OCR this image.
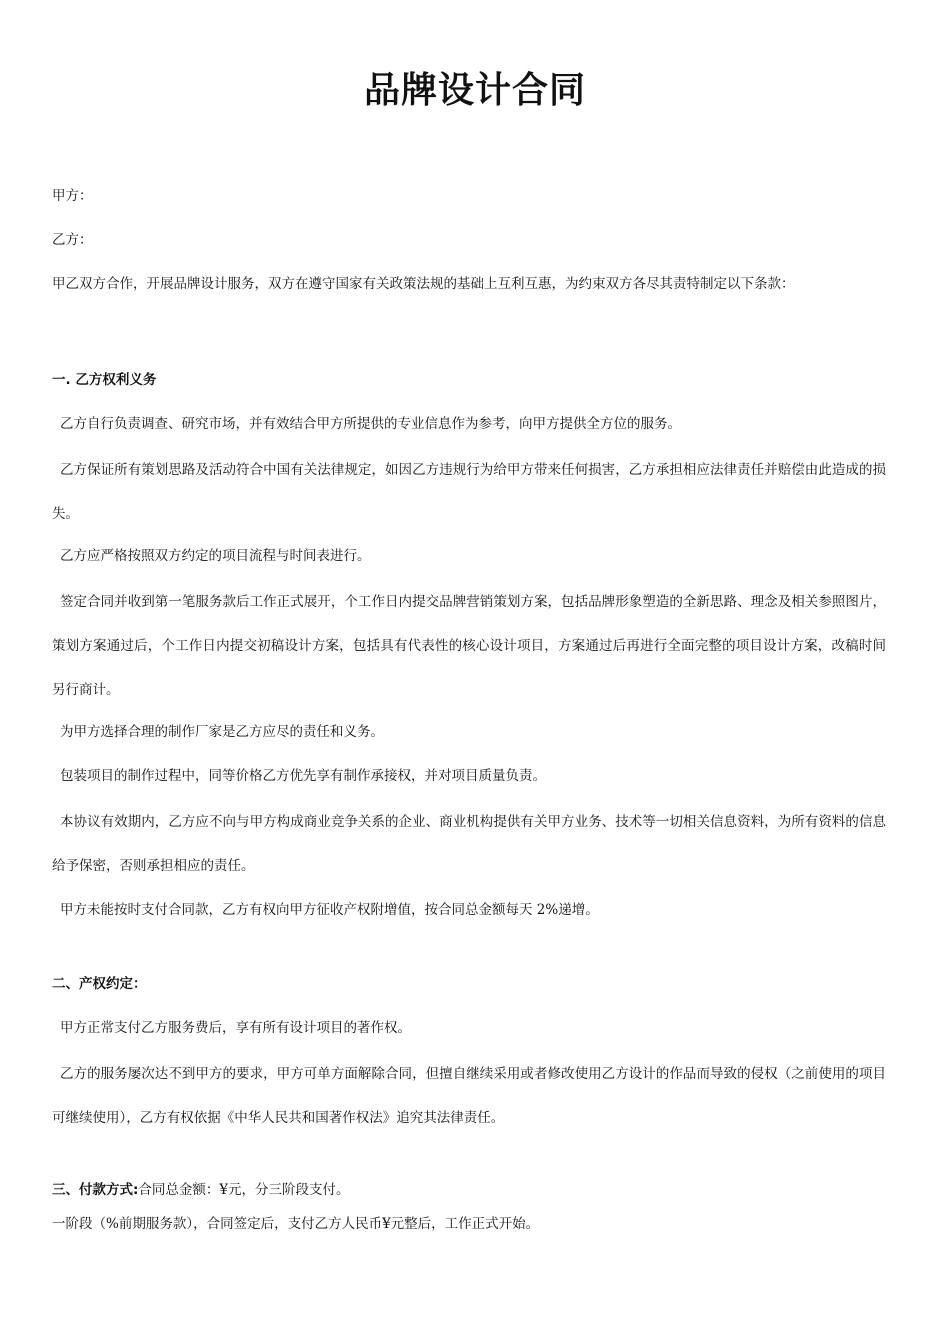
品牌设计合同
甲方：
乙方：
甲乙双方合作，开展品牌设计服务，双方在遵守国家有关政策法规的基础上互利互惠，为约束双方各尽其责特制定以下条款：
一. 乙方权利义务
乙方自行负责调查、研究市场，并有效结合甲方所提供的专业信息作为参考，向甲方提供全方位的服务。
乙方保证所有策划思路及活动符合中国有关法律规定，如因乙方违规行为给甲方带来任何损害，乙方承担相应法律责任并赔偿由此造成的损失。
乙方应严格按照双方约定的项目流程与时间表进行。
签定合同并收到第一笔服务款后工作正式展开，个工作日内提交品牌营销策划方案，包括品牌形象塑造的全新思路、理念及相关参照图片，策划方案通过后，个工作日内提交初稿设计方案，包括具有代表性的核心设计项目，方案通过后再进行全面完整的项目设计方案，改稿时间另行商计。
为甲方选择合理的制作厂家是乙方应尽的责任和义务。
包装项目的制作过程中，同等价格乙方优先享有制作承接权，并对项目质量负责。
本协议有效期内，乙方应不向与甲方构成商业竞争关系的企业、商业机构提供有关甲方业务、技术等一切相关信息资料，为所有资料的信息给予保密，否则承担相应的责任。
甲方未能按时支付合同款，乙方有权向甲方征收产权附增值，按合同总金额每天 2%递增。
二、产权约定：
甲方正常支付乙方服务费后，享有所有设计项目的著作权。
乙方的服务屡次达不到甲方的要求，甲方可单方面解除合同，但擅自继续采用或者修改使用乙方设计的作品而导致的侵权（之前使用的项目可继续使用），乙方有权依据《中华人民共和国著作权法》追究其法律责任。
三、付款方式:合同总金额：¥元，分三阶段支付。
一阶段（%前期服务款），合同签定后，支付乙方人民币¥元整后，工作正式开始。
